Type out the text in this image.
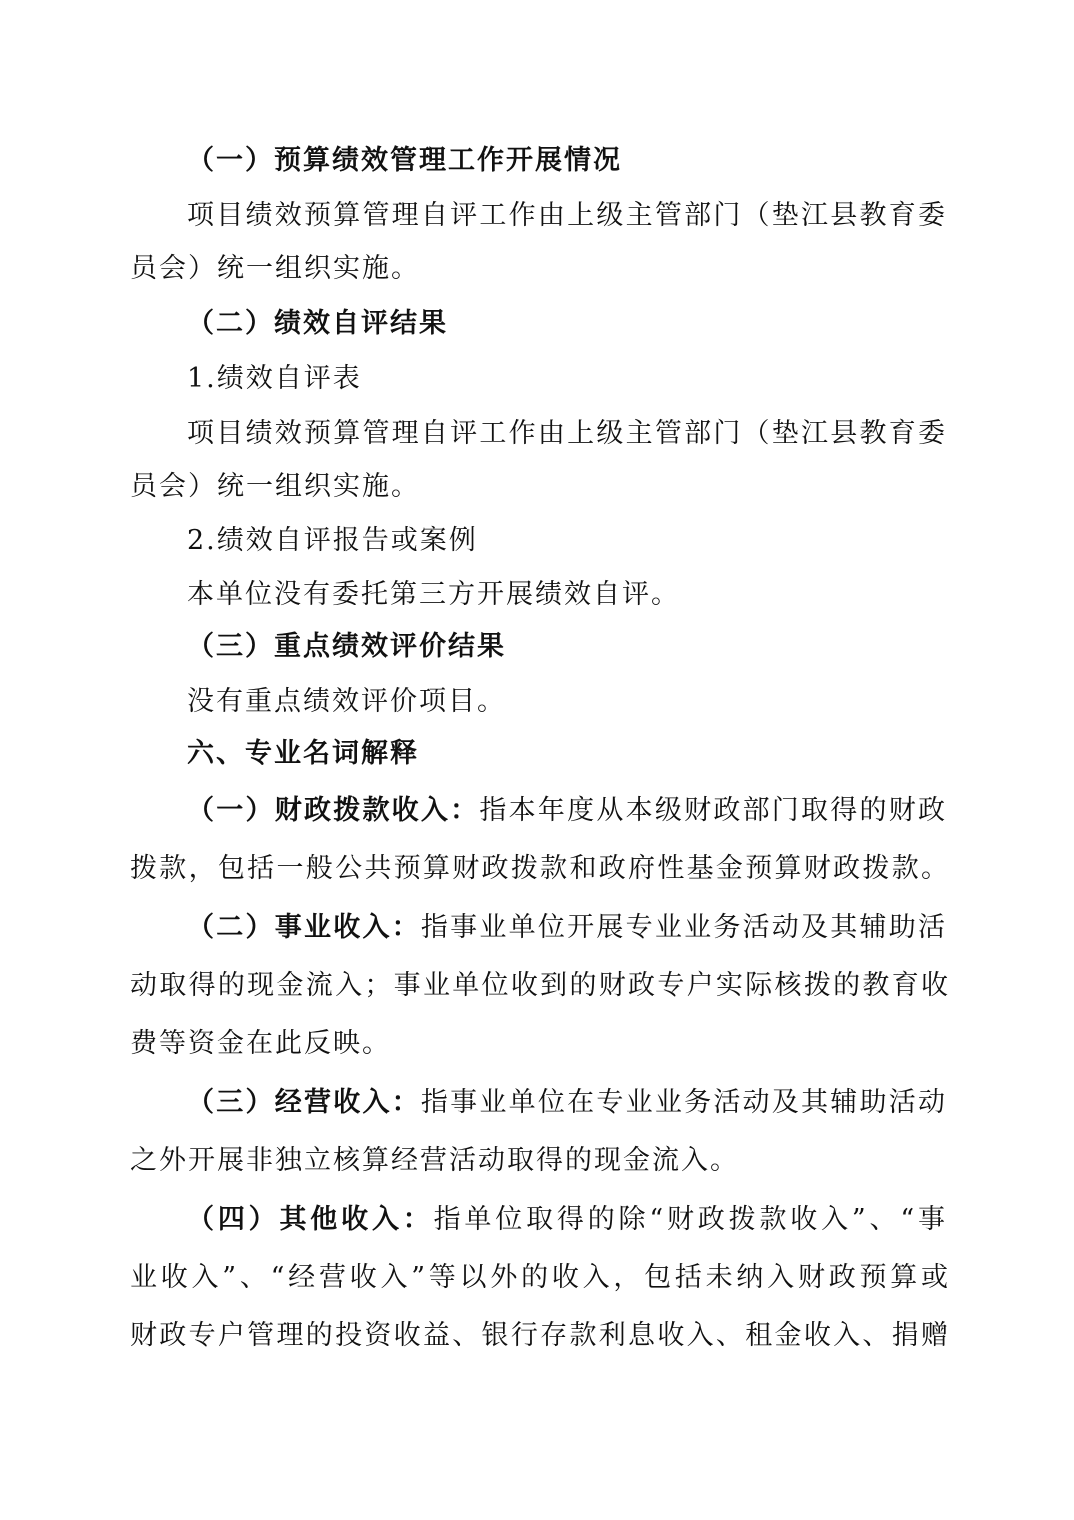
（一）预算绩效管理工作开展情况
项目绩效预算管理自评工作由上级主管部门（垫江县教育委
员会）统一组织实施。
（二）绩效自评结果
1.绩效自评表
项目绩效预算管理自评工作由上级主管部门（垫江县教育委
员会）统一组织实施。
2.绩效自评报告或案例
本单位没有委托第三方开展绩效自评。
（三）重点绩效评价结果
没有重点绩效评价项目。
六、专业名词解释
（一）财政拨款收入：指本年度从本级财政部门取得的财政
拨款，包括一般公共预算财政拨款和政府性基金预算财政拨款。
（二）事业收入：指事业单位开展专业业务活动及其辅助活
动取得的现金流入；事业单位收到的财政专户实际核拨的教育收
费等资金在此反映。
（三）经营收入：指事业单位在专业业务活动及其辅助活动
之外开展非独立核算经营活动取得的现金流入。
（四）其他收入：指单位取得的除“财政拨款收入”、“事
业收入”、“经营收入”等以外的收入，包括未纳入财政预算或
财政专户管理的投资收益、银行存款利息收入、租金收入、捐赠
